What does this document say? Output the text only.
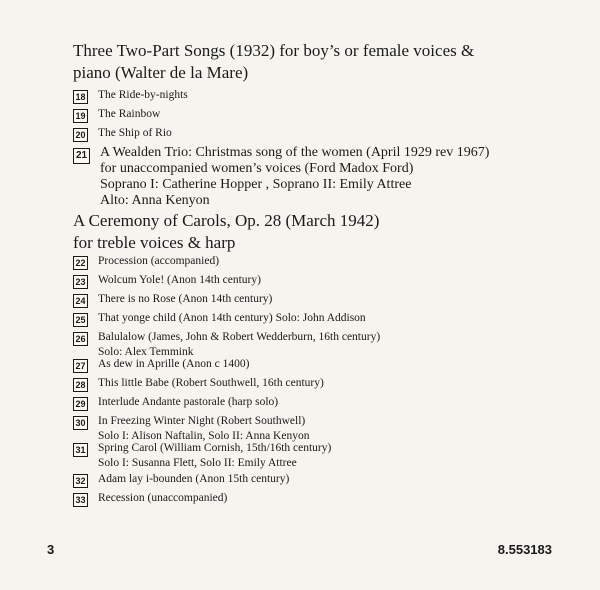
Three Two-Part Songs (1932) for boy’s or female voices &
piano (Walter de la Mare)
18 The Ride-by-nights
19 The Rainbow
20 The Ship of Rio
21 A Wealden Trio: Christmas song of the women (April 1929 rev 1967)
for unaccompanied women’s voices (Ford Madox Ford)
Soprano I: Catherine Hopper , Soprano II: Emily Attree
Alto: Anna Kenyon
A Ceremony of Carols, Op. 28 (March 1942)
for treble voices & harp
22 Procession (accompanied)
23 Wolcum Yole! (Anon 14th century)
24 There is no Rose (Anon 14th century)
25 That yonge child (Anon 14th century) Solo: John Addison
26 Balulalow (James, John & Robert Wedderburn, 16th century)
Solo: Alex Temmink
27 As dew in Aprille (Anon c 1400)
28 This little Babe (Robert Southwell, 16th century)
29 Interlude Andante pastorale (harp solo)
30 In Freezing Winter Night (Robert Southwell)
Solo I: Alison Naftalin, Solo II: Anna Kenyon
31 Spring Carol (William Cornish, 15th/16th century)
Solo I: Susanna Flett, Solo II: Emily Attree
32 Adam lay i-bounden (Anon 15th century)
33 Recession (unaccompanied)
3	8.553183
